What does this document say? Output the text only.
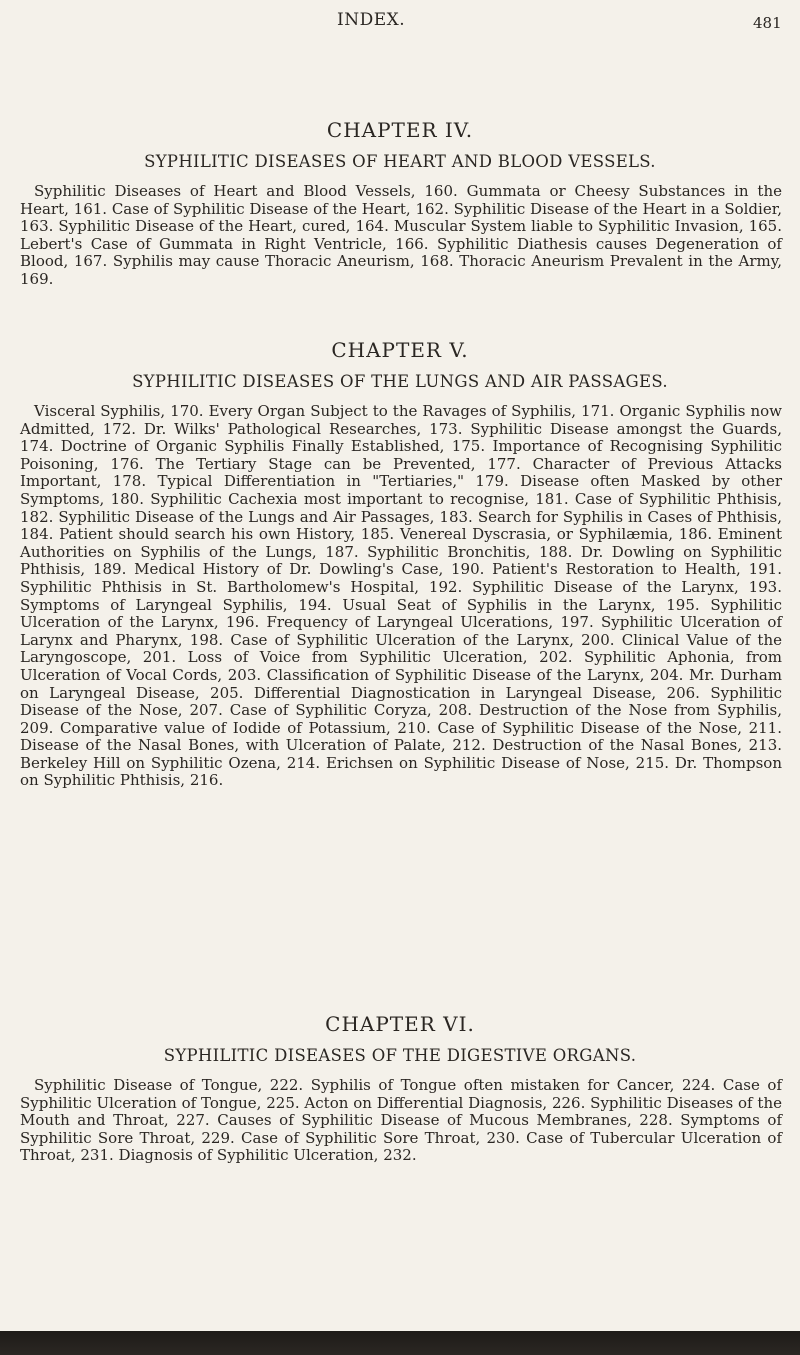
INDEX.	481
CHAPTER IV.
SYPHILITIC DISEASES OF HEART AND BLOOD VESSELS.

Syphilitic Diseases of Heart and Blood Vessels, 160. Gummata or Cheesy Substances in the Heart, 161. Case of Syphilitic Disease of the Heart, 162. Syphilitic Disease of the Heart in a Soldier, 163. Syphilitic Disease of the Heart, cured, 164. Muscular System liable to Syphilitic Invasion, 165. Lebert's Case of Gummata in Right Ventricle, 166. Syphilitic Diathesis causes Degeneration of Blood, 167. Syphilis may cause Thoracic Aneurism, 168. Thoracic Aneurism Prevalent in the Army, 169.

CHAPTER V.
SYPHILITIC DISEASES OF THE LUNGS AND AIR PASSAGES.

Visceral Syphilis, 170. Every Organ Subject to the Ravages of Syphilis, 171. Organic Syphilis now Admitted, 172. Dr. Wilks' Pathological Researches, 173. Syphilitic Disease amongst the Guards, 174. Doctrine of Organic Syphilis Finally Established, 175. Importance of Recognising Syphilitic Poisoning, 176. The Tertiary Stage can be Prevented, 177. Character of Previous Attacks Important, 178. Typical Differentiation in "Tertiaries," 179. Disease often Masked by other Symptoms, 180. Syphilitic Cachexia most important to recognise, 181. Case of Syphilitic Phthisis, 182. Syphilitic Disease of the Lungs and Air Passages, 183. Search for Syphilis in Cases of Phthisis, 184. Patient should search his own History, 185. Venereal Dyscrasia, or Syphilæmia, 186. Eminent Authorities on Syphilis of the Lungs, 187. Syphilitic Bronchitis, 188. Dr. Dowling on Syphilitic Phthisis, 189. Medical History of Dr. Dowling's Case, 190. Patient's Restoration to Health, 191. Syphilitic Phthisis in St. Bartholomew's Hospital, 192. Syphilitic Disease of the Larynx, 193. Symptoms of Laryngeal Syphilis, 194. Usual Seat of Syphilis in the Larynx, 195. Syphilitic Ulceration of the Larynx, 196. Frequency of Laryngeal Ulcerations, 197. Syphilitic Ulceration of Larynx and Pharynx, 198. Case of Syphilitic Ulceration of the Larynx, 200. Clinical Value of the Laryngoscope, 201. Loss of Voice from Syphilitic Ulceration, 202. Syphilitic Aphonia, from Ulceration of Vocal Cords, 203. Classification of Syphilitic Disease of the Larynx, 204. Mr. Durham on Laryngeal Disease, 205. Differential Diagnostication in Laryngeal Disease, 206. Syphilitic Disease of the Nose, 207. Case of Syphilitic Coryza, 208. Destruction of the Nose from Syphilis, 209. Comparative value of Iodide of Potassium, 210. Case of Syphilitic Disease of the Nose, 211. Disease of the Nasal Bones, with Ulceration of Palate, 212. Destruction of the Nasal Bones, 213. Berkeley Hill on Syphilitic Ozena, 214. Erichsen on Syphilitic Disease of Nose, 215. Dr. Thompson on Syphilitic Phthisis, 216.

CHAPTER VI.
SYPHILITIC DISEASES OF THE DIGESTIVE ORGANS.

Syphilitic Disease of Tongue, 222. Syphilis of Tongue often mistaken for Cancer, 224. Case of Syphilitic Ulceration of Tongue, 225. Acton on Differential Diagnosis, 226. Syphilitic Diseases of the Mouth and Throat, 227. Causes of Syphilitic Disease of Mucous Membranes, 228. Symptoms of Syphilitic Sore Throat, 229. Case of Syphilitic Sore Throat, 230. Case of Tubercular Ulceration of Throat, 231. Diagnosis of Syphilitic Ulceration, 232.
